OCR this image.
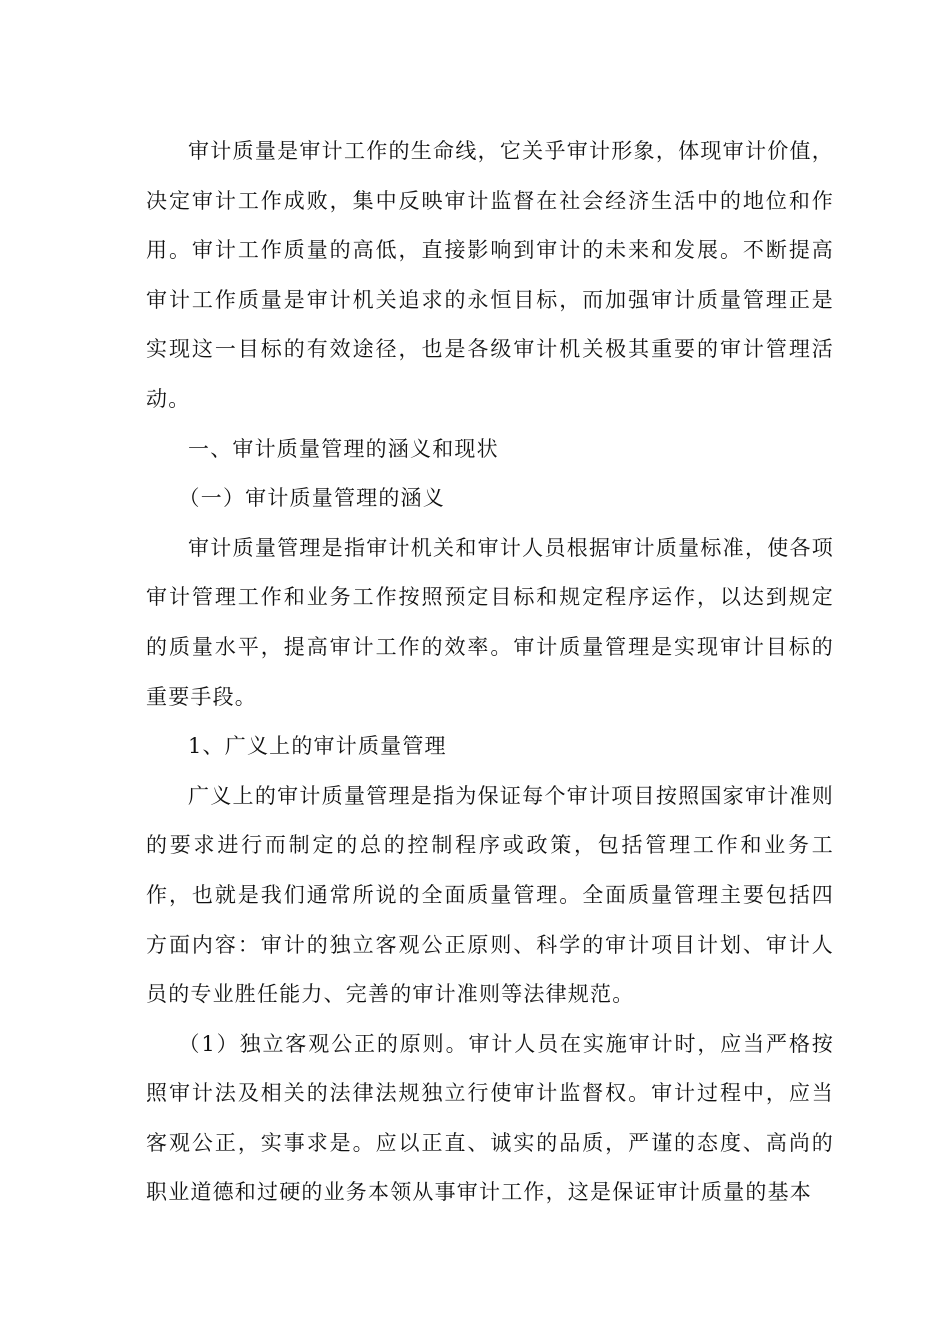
审计质量是审计工作的生命线，它关乎审计形象，体现审计价值，决定审计工作成败，集中反映审计监督在社会经济生活中的地位和作用。审计工作质量的高低，直接影响到审计的未来和发展。不断提高审计工作质量是审计机关追求的永恒目标，而加强审计质量管理正是实现这一目标的有效途径，也是各级审计机关极其重要的审计管理活动。

一、审计质量管理的涵义和现状

（一）审计质量管理的涵义

审计质量管理是指审计机关和审计人员根据审计质量标准，使各项审计管理工作和业务工作按照预定目标和规定程序运作，以达到规定的质量水平，提高审计工作的效率。审计质量管理是实现审计目标的重要手段。

1、广义上的审计质量管理

广义上的审计质量管理是指为保证每个审计项目按照国家审计准则的要求进行而制定的总的控制程序或政策，包括管理工作和业务工作，也就是我们通常所说的全面质量管理。全面质量管理主要包括四方面内容：审计的独立客观公正原则、科学的审计项目计划、审计人员的专业胜任能力、完善的审计准则等法律规范。

（1）独立客观公正的原则。审计人员在实施审计时，应当严格按照审计法及相关的法律法规独立行使审计监督权。审计过程中，应当客观公正，实事求是。应以正直、诚实的品质，严谨的态度、高尚的职业道德和过硬的业务本领从事审计工作，这是保证审计质量的基本
